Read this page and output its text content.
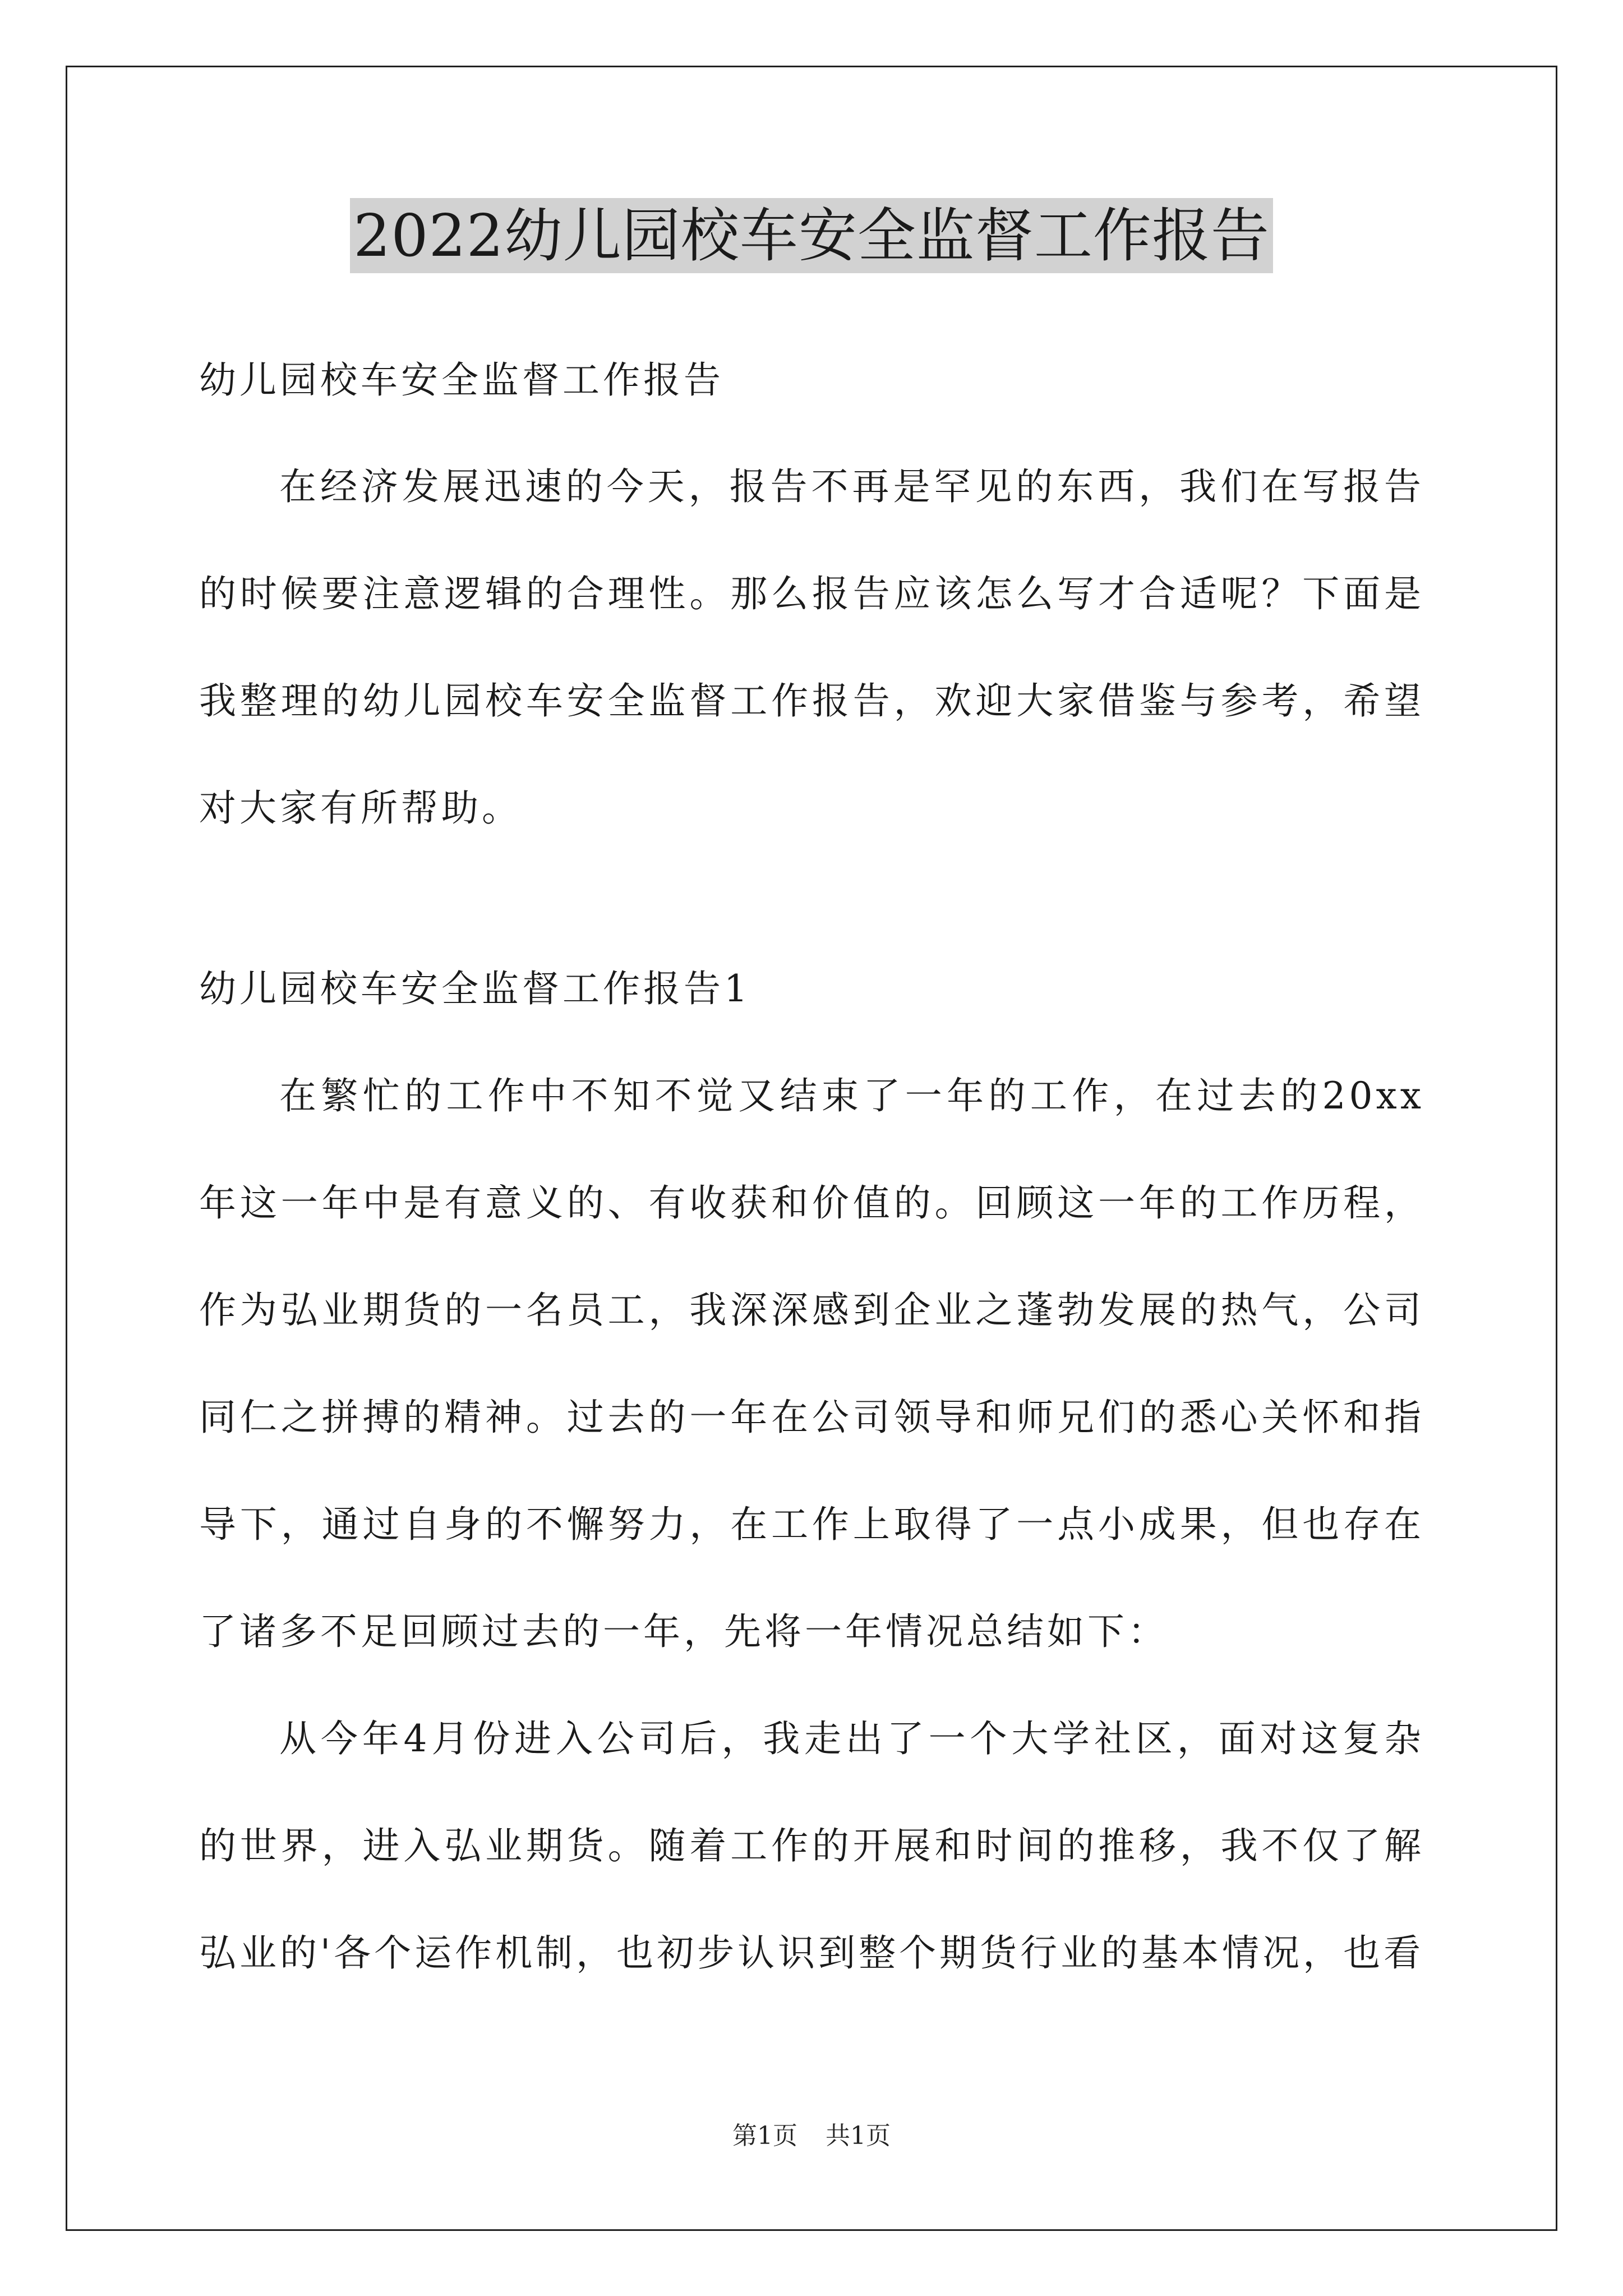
2022幼儿园校车安全监督工作报告

幼儿园校车安全监督工作报告

在经济发展迅速的今天，报告不再是罕见的东西，我们在写报告的时候要注意逻辑的合理性。那么报告应该怎么写才合适呢？下面是我整理的幼儿园校车安全监督工作报告，欢迎大家借鉴与参考，希望对大家有所帮助。

幼儿园校车安全监督工作报告1

在繁忙的工作中不知不觉又结束了一年的工作，在过去的20xx年这一年中是有意义的、有收获和价值的。回顾这一年的工作历程，作为弘业期货的一名员工，我深深感到企业之蓬勃发展的热气，公司同仁之拼搏的精神。过去的一年在公司领导和师兄们的悉心关怀和指导下，通过自身的不懈努力，在工作上取得了一点小成果，但也存在了诸多不足回顾过去的一年，先将一年情况总结如下：

从今年4月份进入公司后，我走出了一个大学社区，面对这复杂的世界，进入弘业期货。随着工作的开展和时间的推移，我不仅了解弘业的'各个运作机制，也初步认识到整个期货行业的基本情况，也看

第1页 共1页
